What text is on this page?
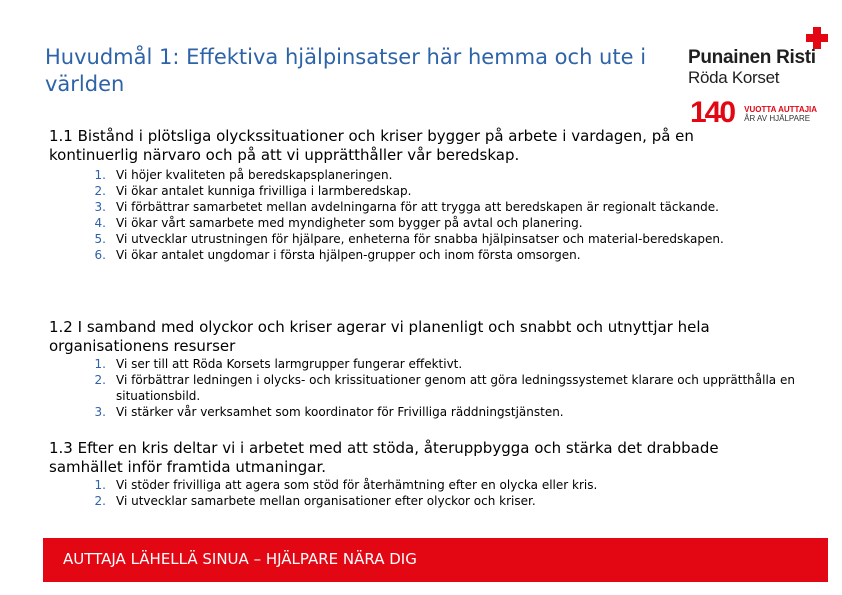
Huvudmål 1: Effektiva hjälpinsatser här hemma och ute i världen
Punainen Risti
Röda Korset
140 VUOTTA AUTTAJIA
ÅR AV HJÄLPARE
1.1 Bistånd i plötsliga olyckssituationer och kriser bygger på arbete i vardagen, på en kontinuerlig närvaro och på att vi upprätthåller vår beredskap.
1. Vi höjer kvaliteten på beredskapsplaneringen.
2. Vi ökar antalet kunniga frivilliga i larmberedskap.
3. Vi förbättrar samarbetet mellan avdelningarna för att trygga att beredskapen är regionalt täckande.
4. Vi ökar vårt samarbete med myndigheter som bygger på avtal och planering.
5. Vi utvecklar utrustningen för hjälpare, enheterna för snabba hjälpinsatser och material-beredskapen.
6. Vi ökar antalet ungdomar i första hjälpen-grupper och inom första omsorgen.
1.2 I samband med olyckor och kriser agerar vi planenligt och snabbt och utnyttjar hela organisationens resurser
1. Vi ser till att Röda Korsets larmgrupper fungerar effektivt.
2. Vi förbättrar ledningen i olycks- och krissituationer genom att göra ledningssystemet klarare och upprätthålla en situationsbild.
3. Vi stärker vår verksamhet som koordinator för Frivilliga räddningstjänsten.
1.3 Efter en kris deltar vi i arbetet med att stöda, återuppbygga och stärka det drabbade samhället inför framtida utmaningar.
1. Vi stöder frivilliga att agera som stöd för återhämtning efter en olycka eller kris.
2. Vi utvecklar samarbete mellan organisationer efter olyckor och kriser.
AUTTAJA LÄHELLÄ SINUA – HJÄLPARE NÄRA DIG
